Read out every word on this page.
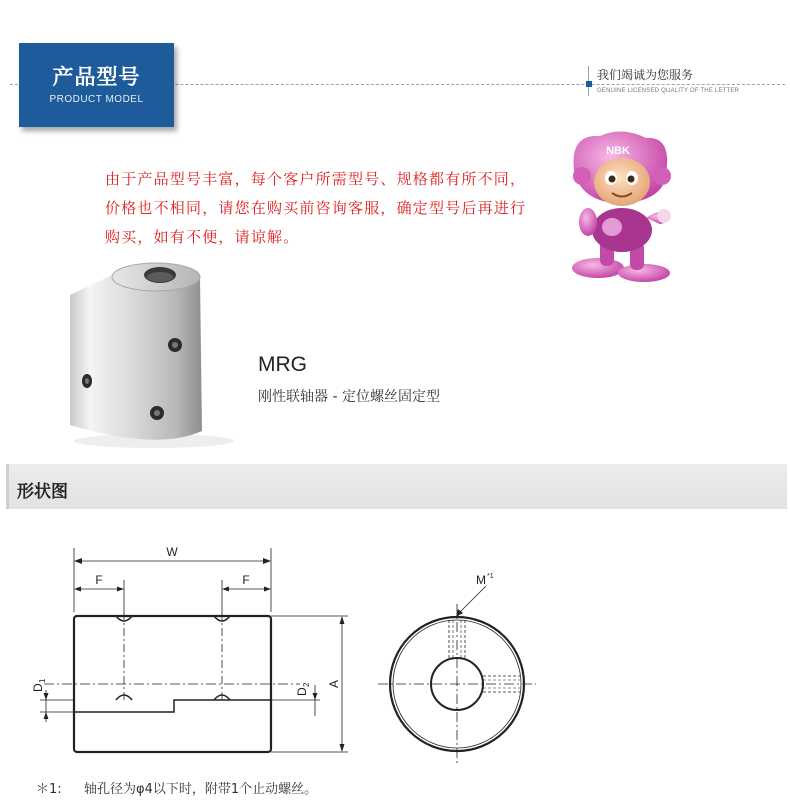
产品型号
PRODUCT MODEL
我们竭诚为您服务
GENUINE LICENSED QUALITY OF THE LETTER
由于产品型号丰富，每个客户所需型号、规格都有所不同，价格也不相同，请您在购买前咨询客服，确定型号后再进行购买，如有不便，请谅解。
NBK
MRG
刚性联轴器 - 定位螺丝固定型
形状图
W
F	F
A
D
1
D
2
M *1
＊1: 轴孔径为φ4以下时，附带1个止动螺丝。
